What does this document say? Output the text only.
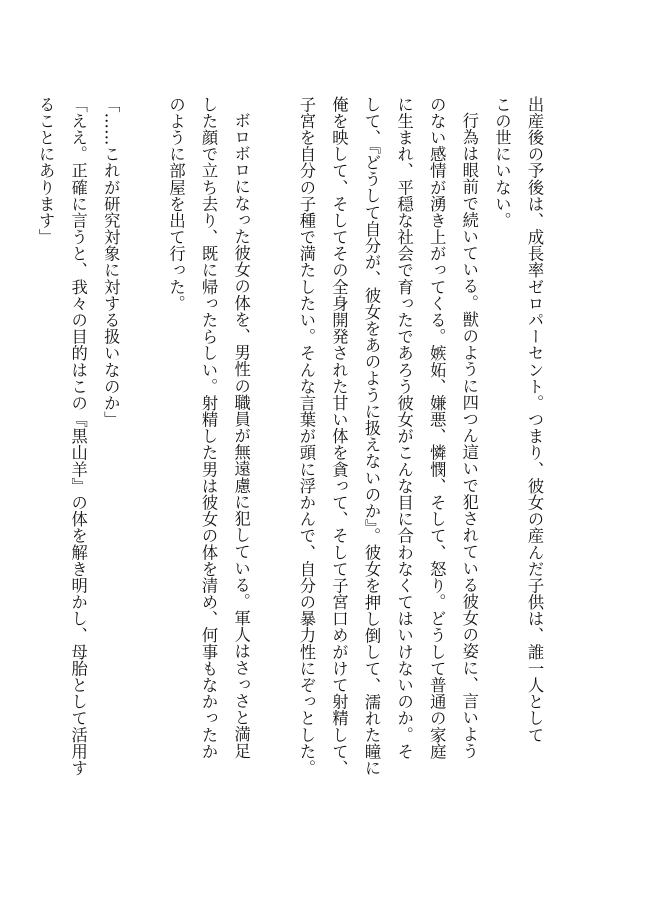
出産後の予後は、成長率ゼロパーセント。つまり、彼女の産んだ子供は、誰一人として
この世にいない。

行為は眼前で続いている。獣のように四つん這いで犯されている彼女の姿に、言いよう
のない感情が湧き上がってくる。嫉妬、嫌悪、憐憫、そして、怒り。どうして普通の家庭
に生まれ、平穏な社会で育ったであろう彼女がこんな目に合わなくてはいけないのか。そ
して、『どうして自分が、彼女をあのように扱えないのか』。彼女を押し倒して、濡れた瞳に
俺を映して、そしてその全身開発された甘い体を貪って、そして子宮口めがけて射精して、
子宮を自分の子種で満たしたい。そんな言葉が頭に浮かんで、自分の暴力性にぞっとした。

ボロボロになった彼女の体を、男性の職員が無遠慮に犯している。軍人はさっさと満足
した顔で立ち去り、既に帰ったらしい。射精した男は彼女の体を清め、何事もなかったか
のように部屋を出て行った。

「……これが研究対象に対する扱いなのか」

「ええ。正確に言うと、我々の目的はこの『黒山羊』の体を解き明かし、母胎として活用す
ることにあります」
